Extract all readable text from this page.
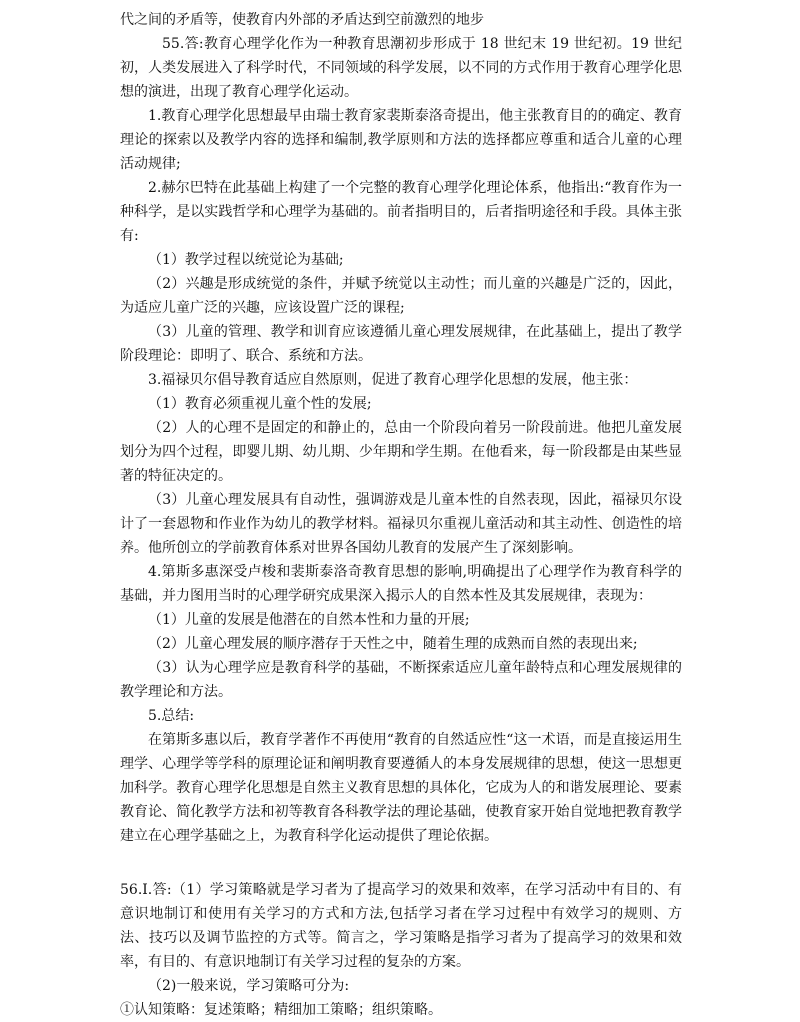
代之间的矛盾等，使教育内外部的矛盾达到空前激烈的地步

55.答:教育心理学化作为一种教育思潮初步形成于 18 世纪末 19 世纪初。19 世纪初，人类发展进入了科学时代，不同领域的科学发展，以不同的方式作用于教育心理学化思想的演进，出现了教育心理学化运动。

1.教育心理学化思想最早由瑞士教育家裴斯泰洛奇提出，他主张教育目的的确定、教育理论的探索以及教学内容的选择和编制,教学原则和方法的选择都应尊重和适合儿童的心理活动规律;

2.赫尔巴特在此基础上构建了一个完整的教育心理学化理论体系，他指出:“教育作为一种科学，是以实践哲学和心理学为基础的。前者指明目的，后者指明途径和手段。具体主张有:

（1）教学过程以统觉论为基础;

（2）兴趣是形成统觉的条件，并赋予统觉以主动性；而儿童的兴趣是广泛的，因此，为适应儿童广泛的兴趣，应该设置广泛的课程;

（3）儿童的管理、教学和训育应该遵循儿童心理发展规律，在此基础上，提出了教学阶段理论：即明了、联合、系统和方法。

3.福禄贝尔倡导教育适应自然原则，促进了教育心理学化思想的发展，他主张：

（1）教育必须重视儿童个性的发展;

（2）人的心理不是固定的和静止的，总由一个阶段向着另一阶段前进。他把儿童发展划分为四个过程，即婴儿期、幼儿期、少年期和学生期。在他看来，每一阶段都是由某些显著的特征决定的。

（3）儿童心理发展具有自动性，强调游戏是儿童本性的自然表现，因此，福禄贝尔设计了一套恩物和作业作为幼儿的教学材料。福禄贝尔重视儿童活动和其主动性、创造性的培养。他所创立的学前教育体系对世界各国幼儿教育的发展产生了深刻影响。

4.第斯多惠深受卢梭和裴斯泰洛奇教育思想的影响,明确提出了心理学作为教育科学的基础，并力图用当时的心理学研究成果深入揭示人的自然本性及其发展规律，表现为：

（1）儿童的发展是他潜在的自然本性和力量的开展;

（2）儿童心理发展的顺序潜存于天性之中，随着生理的成熟而自然的表现出来;

（3）认为心理学应是教育科学的基础，不断探索适应儿童年龄特点和心理发展规律的教学理论和方法。

5.总结:

在第斯多惠以后，教育学著作不再使用“教育的自然适应性“这一术语，而是直接运用生理学、心理学等学科的原理论证和阐明教育要遵循人的本身发展规律的思想，使这一思想更加科学。教育心理学化思想是自然主义教育思想的具体化，它成为人的和谐发展理论、要素教育论、简化教学方法和初等教育各科教学法的理论基础，使教育家开始自觉地把教育教学建立在心理学基础之上，为教育科学化运动提供了理论依据。

56.I.答:（1）学习策略就是学习者为了提高学习的效果和效率，在学习活动中有目的、有意识地制订和使用有关学习的方式和方法,包括学习者在学习过程中有效学习的规则、方法、技巧以及调节监控的方式等。简言之，学习策略是指学习者为了提高学习的效果和效率，有目的、有意识地制订有关学习过程的复杂的方案。

（2)一般来说，学习策略可分为:

①认知策略：复述策略；精细加工策略；组织策略。
